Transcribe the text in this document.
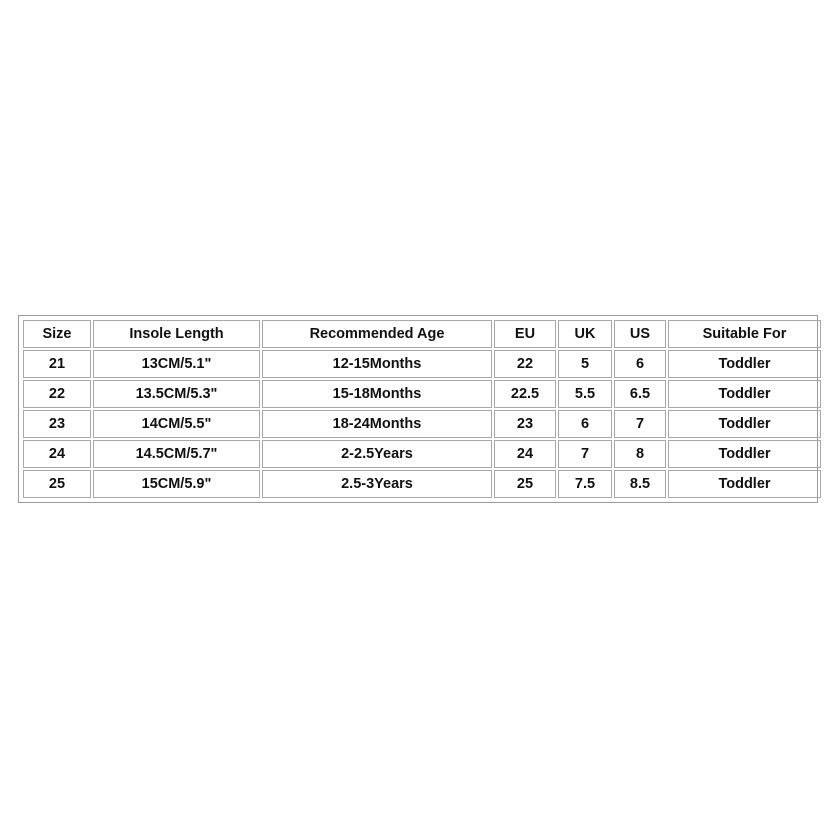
Size	Insole Length	Recommended Age	EU	UK	US	Suitable For
21	13CM/5.1"	12-15Months	22	5	6	Toddler
22	13.5CM/5.3"	15-18Months	22.5	5.5	6.5	Toddler
23	14CM/5.5"	18-24Months	23	6	7	Toddler
24	14.5CM/5.7"	2-2.5Years	24	7	8	Toddler
25	15CM/5.9"	2.5-3Years	25	7.5	8.5	Toddler
